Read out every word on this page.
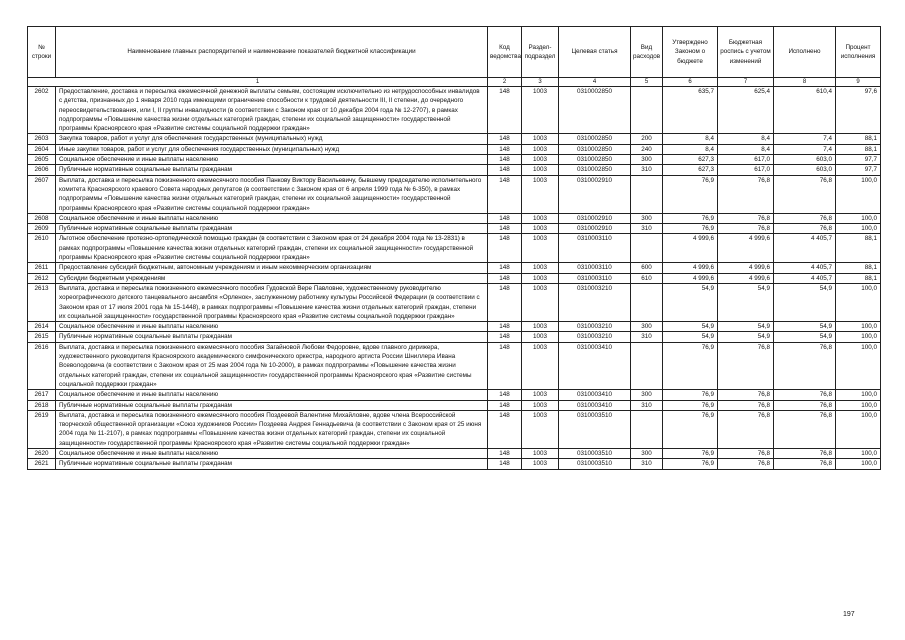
№ строки	Наименование главных распорядителей и наименование показателей бюджетной классификации	Код ведомства	Раздел-подраздел	Целевая статья	Вид расходов	Утверждено Законом о бюджете	Бюджетная роспись с учетом изменений	Исполнено	Процент исполнения
1		2	3	4	5	6	7	8	9
2602	Предоставление, доставка и пересылка ежемесячной денежной выплаты семьям, состоящим исключительно из нетрудоспособных инвалидов с детства, признанных до 1 января 2010 года имеющими ограничение способности к трудовой деятельности III, II степени, до очередного переосвидетельствования, или I, II группы инвалидности (в соответствии с Законом края от 10 декабря 2004 года № 12-2707), в рамках подпрограммы «Повышение качества жизни отдельных категорий граждан, степени их социальной защищенности» государственной программы Красноярского края «Развитие системы социальной поддержки граждан»	148	1003	0310002850		635,7	625,4	610,4	97,6
2603	Закупка товаров, работ и услуг для обеспечения государственных (муниципальных) нужд	148	1003	0310002850	200	8,4	8,4	7,4	88,1
2604	Иные закупки товаров, работ и услуг для обеспечения государственных (муниципальных) нужд	148	1003	0310002850	240	8,4	8,4	7,4	88,1
2605	Социальное обеспечение и иные выплаты населению	148	1003	0310002850	300	627,3	617,0	603,0	97,7
2606	Публичные нормативные социальные выплаты гражданам	148	1003	0310002850	310	627,3	617,0	603,0	97,7
2607	Выплата, доставка и пересылка пожизненного ежемесячного пособия Панкову Виктору Васильевичу, бывшему председателю исполнительного комитета Красноярского краевого Совета народных депутатов (в соответствии с Законом края от 6 апреля 1999 года № 6-350), в рамках подпрограммы «Повышение качества жизни отдельных категорий граждан, степени их социальной защищенности» государственной программы Красноярского края «Развитие системы социальной поддержки граждан»	148	1003	0310002910		76,9	76,8	76,8	100,0
2608	Социальное обеспечение и иные выплаты населению	148	1003	0310002910	300	76,9	76,8	76,8	100,0
2609	Публичные нормативные социальные выплаты гражданам	148	1003	0310002910	310	76,9	76,8	76,8	100,0
2610	Льготное обеспечение протезно-ортопедической помощью граждан (в соответствии с Законом края от 24 декабря 2004 года № 13-2831) в рамках подпрограммы «Повышение качества жизни отдельных категорий граждан, степени их социальной защищенности» государственной программы Красноярского края «Развитие системы социальной поддержки граждан»	148	1003	0310003110		4 999,6	4 999,6	4 405,7	88,1
2611	Предоставление субсидий бюджетным, автономным учреждениям и иным некоммерческим организациям	148	1003	0310003110	600	4 999,6	4 999,6	4 405,7	88,1
2612	Субсидии бюджетным учреждениям	148	1003	0310003110	610	4 999,6	4 999,6	4 405,7	88,1
2613	Выплата, доставка и пересылка пожизненного ежемесячного пособия Гудовской Вере Павловне, художественному руководителю хореографического детского танцевального ансамбля «Орленок», заслуженному работнику культуры Российской Федерации (в соответствии с Законом края от 17 июля 2001 года № 15-1448), в рамках подпрограммы «Повышение качества жизни отдельных категорий граждан, степени их социальной защищенности» государственной программы Красноярского края «Развитие системы социальной поддержки граждан»	148	1003	0310003210		54,9	54,9	54,9	100,0
2614	Социальное обеспечение и иные выплаты населению	148	1003	0310003210	300	54,9	54,9	54,9	100,0
2615	Публичные нормативные социальные выплаты гражданам	148	1003	0310003210	310	54,9	54,9	54,9	100,0
2616	Выплата, доставка и пересылка пожизненного ежемесячного пособия Загайновой Любови Федоровне, вдове главного дирижера, художественного руководителя Красноярского академического симфонического оркестра, народного артиста России Шниллера Ивана Всеволодовича (в соответствии с Законом края от 25 мая 2004 года № 10-2000), в рамках подпрограммы «Повышение качества жизни отдельных категорий граждан, степени их социальной защищенности» государственной программы Красноярского края «Развитие системы социальной поддержки граждан»	148	1003	0310003410		76,9	76,8	76,8	100,0
2617	Социальное обеспечение и иные выплаты населению	148	1003	0310003410	300	76,9	76,8	76,8	100,0
2618	Публичные нормативные социальные выплаты гражданам	148	1003	0310003410	310	76,9	76,8	76,8	100,0
2619	Выплата, доставка и пересылка пожизненного ежемесячного пособия Поздеевой Валентине Михайловне, вдове члена Всероссийской творческой общественной организации «Союз художников России» Поздеева Андрея Геннадьевича (в соответствии с Законом края от 25 июня 2004 года № 11-2107), в рамках подпрограммы «Повышение качества жизни отдельных категорий граждан, степени их социальной защищенности» государственной программы Красноярского края «Развитие системы социальной поддержки граждан»	148	1003	0310003510		76,9	76,8	76,8	100,0
2620	Социальное обеспечение и иные выплаты населению	148	1003	0310003510	300	76,9	76,8	76,8	100,0
2621	Публичные нормативные социальные выплаты гражданам	148	1003	0310003510	310	76,9	76,8	76,8	100,0
197
